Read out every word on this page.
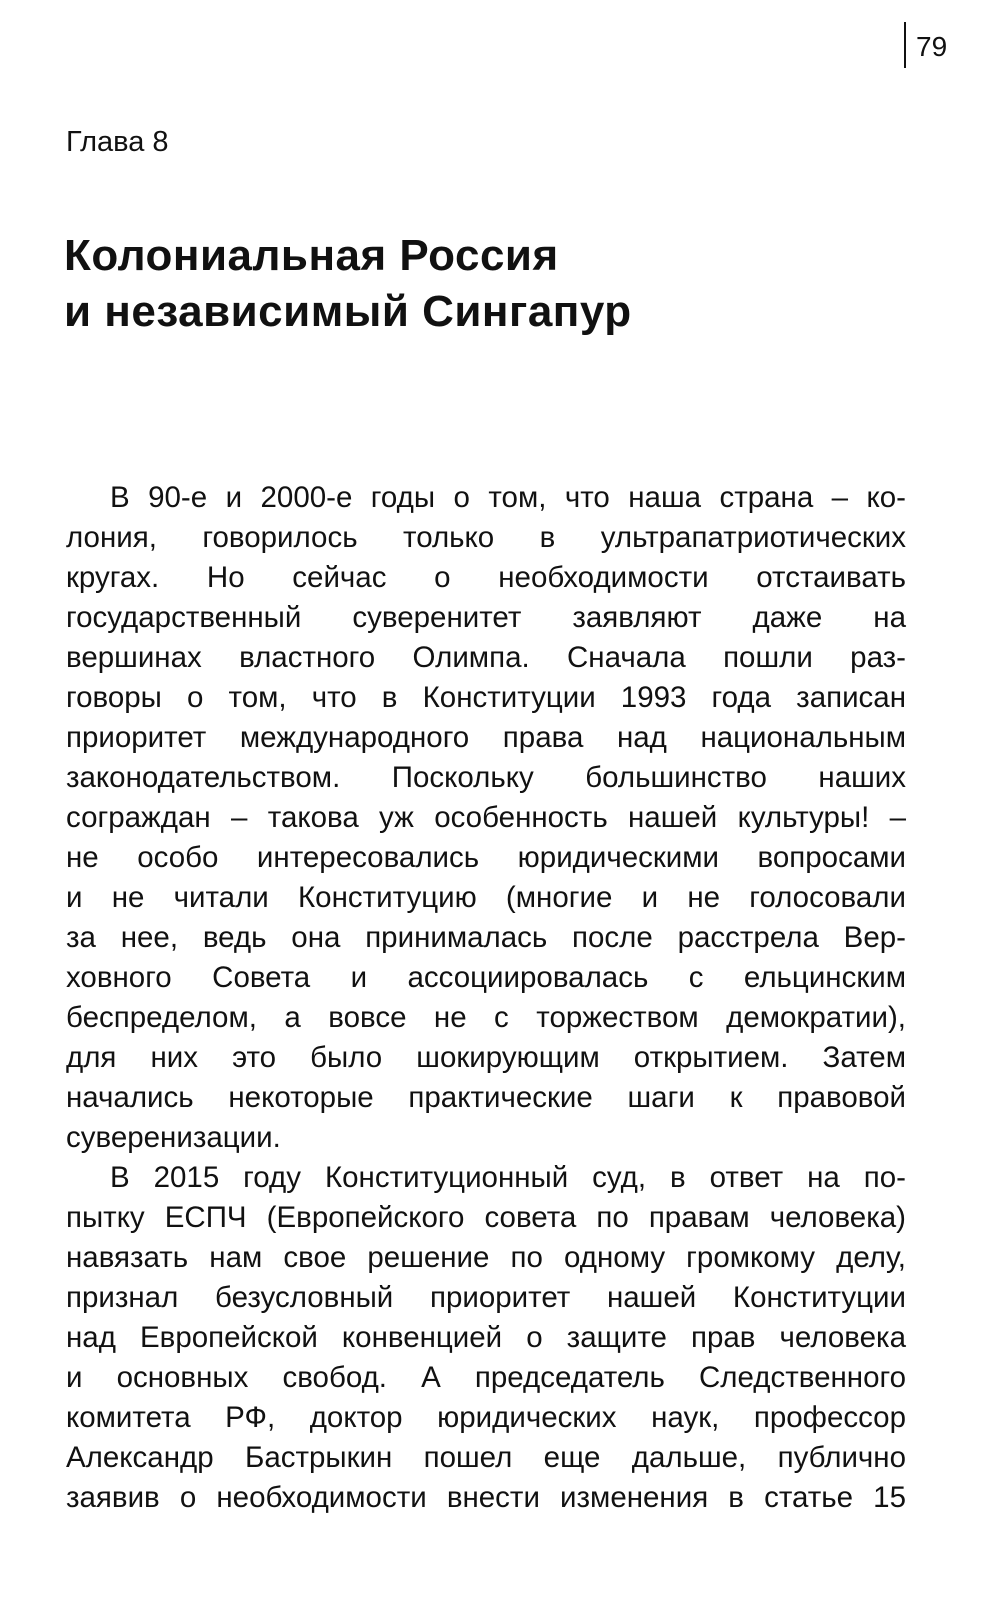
79
Глава 8
Колониальная Россия
и независимый Сингапур
В 90-е и 2000-е годы о том, что наша страна – ко-
лония, говорилось только в ультрапатриотических
кругах. Но сейчас о необходимости отстаивать
государственный суверенитет заявляют даже на
вершинах властного Олимпа. Сначала пошли раз-
говоры о том, что в Конституции 1993 года записан
приоритет международного права над национальным
законодательством. Поскольку большинство наших
сограждан – такова уж особенность нашей культуры! –
не особо интересовались юридическими вопросами
и не читали Конституцию (многие и не голосовали
за нее, ведь она принималась после расстрела Вер-
ховного Совета и ассоциировалась с ельцинским
беспределом, а вовсе не с торжеством демократии),
для них это было шокирующим открытием. Затем
начались некоторые практические шаги к правовой
суверенизации.
В 2015 году Конституционный суд, в ответ на по-
пытку ЕСПЧ (Европейского совета по правам человека)
навязать нам свое решение по одному громкому делу,
признал безусловный приоритет нашей Конституции
над Европейской конвенцией о защите прав человека
и основных свобод. А председатель Следственного
комитета РФ, доктор юридических наук, профессор
Александр Бастрыкин пошел еще дальше, публично
заявив о необходимости внести изменения в статье 15
